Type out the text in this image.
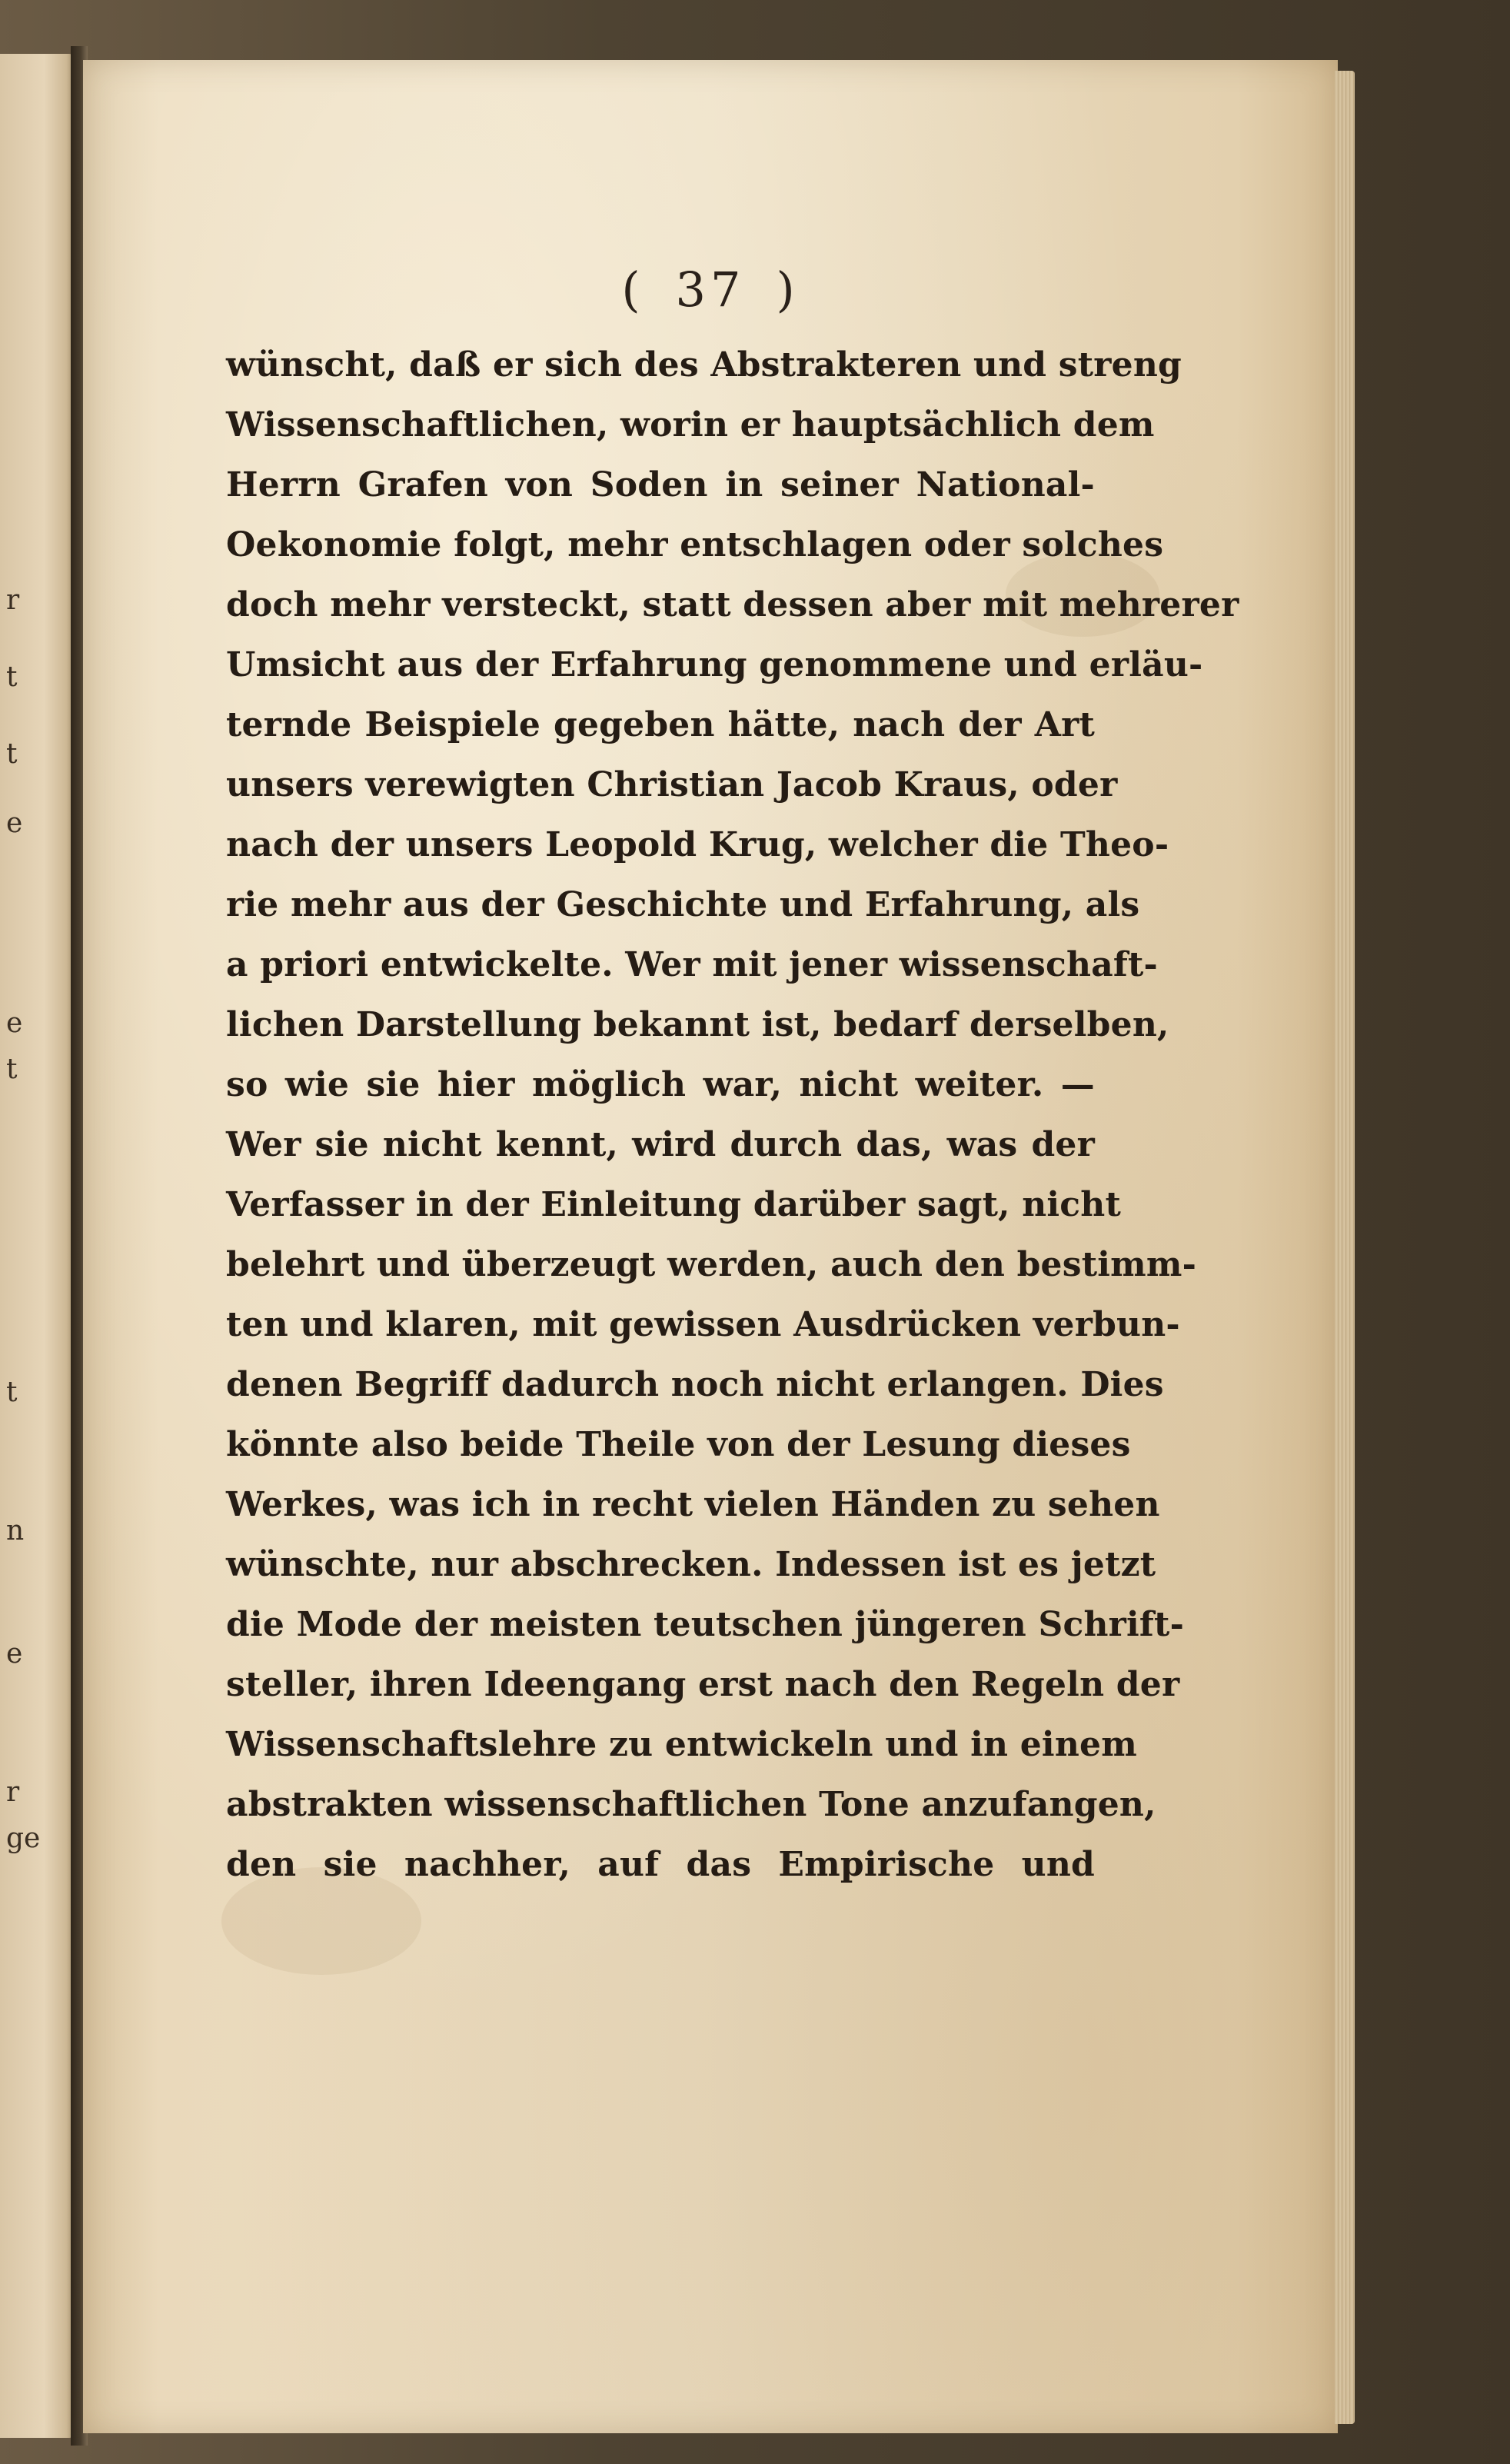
r
t
t
e
e
t
t
n
e
r
ge
( 37 )
wünscht, daß er sich des Abstrakteren und streng
Wissenschaftlichen, worin er hauptsächlich dem
Herrn Grafen von Soden in seiner National-
Oekonomie folgt, mehr entschlagen oder solches
doch mehr versteckt, statt dessen aber mit mehrerer
Umsicht aus der Erfahrung genommene und erläu-
ternde Beispiele gegeben hätte, nach der Art
unsers verewigten Christian Jacob Kraus, oder
nach der unsers Leopold Krug, welcher die Theo-
rie mehr aus der Geschichte und Erfahrung, als
a priori entwickelte. Wer mit jener wissenschaft-
lichen Darstellung bekannt ist, bedarf derselben,
so wie sie hier möglich war, nicht weiter. —
Wer sie nicht kennt, wird durch das, was der
Verfasser in der Einleitung darüber sagt, nicht
belehrt und überzeugt werden, auch den bestimm-
ten und klaren, mit gewissen Ausdrücken verbun-
denen Begriff dadurch noch nicht erlangen. Dies
könnte also beide Theile von der Lesung dieses
Werkes, was ich in recht vielen Händen zu sehen
wünschte, nur abschrecken. Indessen ist es jetzt
die Mode der meisten teutschen jüngeren Schrift-
steller, ihren Ideengang erst nach den Regeln der
Wissenschaftslehre zu entwickeln und in einem
abstrakten wissenschaftlichen Tone anzufangen,
den sie nachher, auf das Empirische und
